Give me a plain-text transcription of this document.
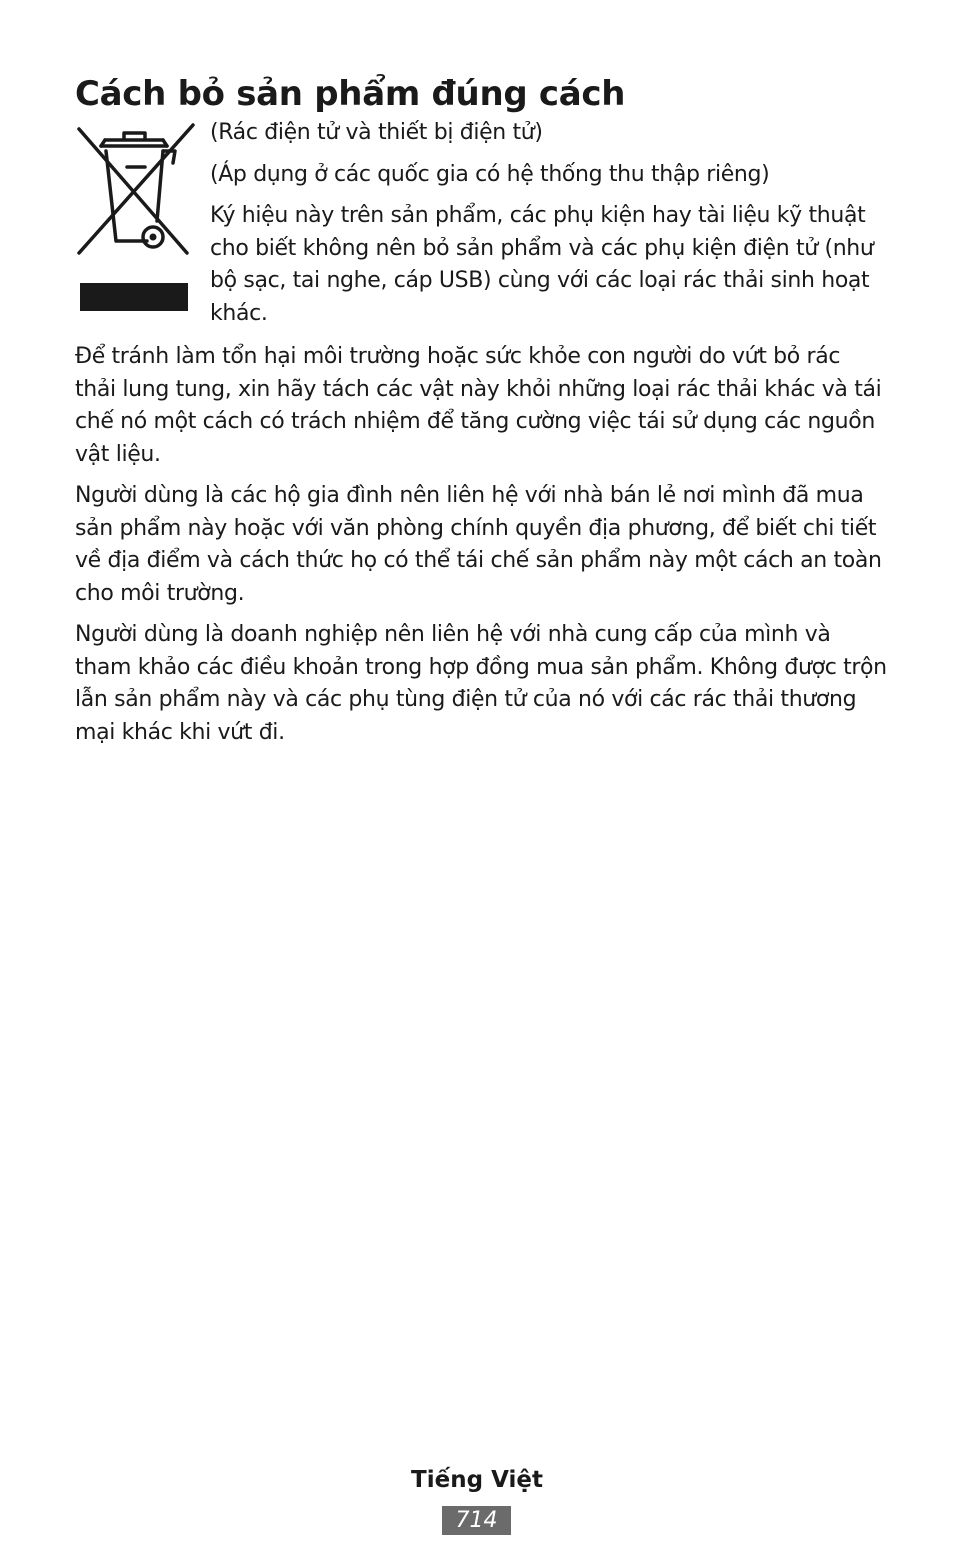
Cách bỏ sản phẩm đúng cách

(Rác điện tử và thiết bị điện tử)

(Áp dụng ở các quốc gia có hệ thống thu thập riêng)

Ký hiệu này trên sản phẩm, các phụ kiện hay tài liệu kỹ thuật cho biết không nên bỏ sản phẩm và các phụ kiện điện tử (như bộ sạc, tai nghe, cáp USB) cùng với các loại rác thải sinh hoạt khác.

Để tránh làm tổn hại môi trường hoặc sức khỏe con người do vứt bỏ rác thải lung tung, xin hãy tách các vật này khỏi những loại rác thải khác và tái chế nó một cách có trách nhiệm để tăng cường việc tái sử dụng các nguồn vật liệu.

Người dùng là các hộ gia đình nên liên hệ với nhà bán lẻ nơi mình đã mua sản phẩm này hoặc với văn phòng chính quyền địa phương, để biết chi tiết về địa điểm và cách thức họ có thể tái chế sản phẩm này một cách an toàn cho môi trường.

Người dùng là doanh nghiệp nên liên hệ với nhà cung cấp của mình và tham khảo các điều khoản trong hợp đồng mua sản phẩm. Không được trộn lẫn sản phẩm này và các phụ tùng điện tử của nó với các rác thải thương mại khác khi vứt đi.

Tiếng Việt
714
